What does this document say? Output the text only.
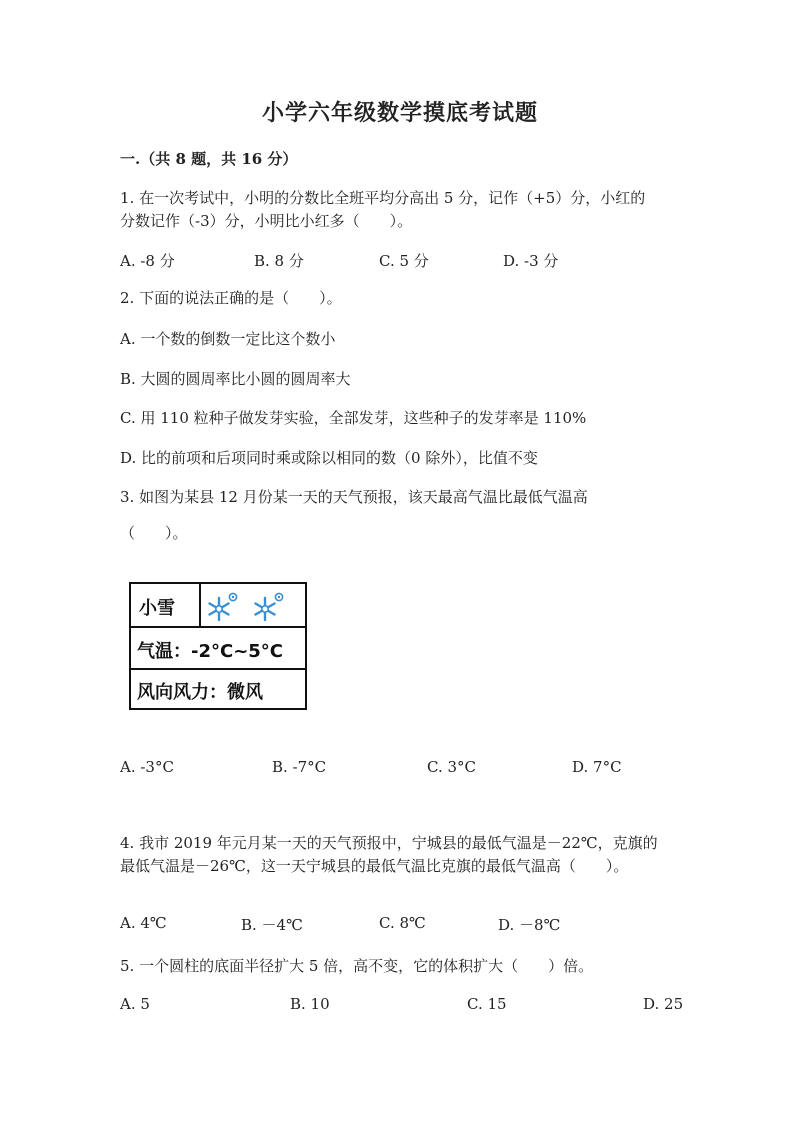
小学六年级数学摸底考试题
一.（共 8 题，共 16 分）
1. 在一次考试中，小明的分数比全班平均分高出 5 分，记作（+5）分，小红的
分数记作（-3）分，小明比小红多（　　）。
A. -8 分	B. 8 分	C. 5 分	D. -3 分
2. 下面的说法正确的是（　　）。
A. 一个数的倒数一定比这个数小
B. 大圆的圆周率比小圆的圆周率大
C. 用 110 粒种子做发芽实验，全部发芽，这些种子的发芽率是 110%
D. 比的前项和后项同时乘或除以相同的数（0 除外），比值不变
3. 如图为某县 12 月份某一天的天气预报，该天最高气温比最低气温高
（　　）。
小雪
气温：-2°C~5°C
风向风力：微风
A. -3°C	B. -7°C	C. 3°C	D. 7°C
4. 我市 2019 年元月某一天的天气预报中，宁城县的最低气温是－22℃，克旗的
最低气温是－26℃，这一天宁城县的最低气温比克旗的最低气温高（　　）。
A. 4℃	B. －4℃	C. 8℃	D. －8℃
5. 一个圆柱的底面半径扩大 5 倍，高不变，它的体积扩大（　　）倍。
A. 5	B. 10	C. 15	D. 25
